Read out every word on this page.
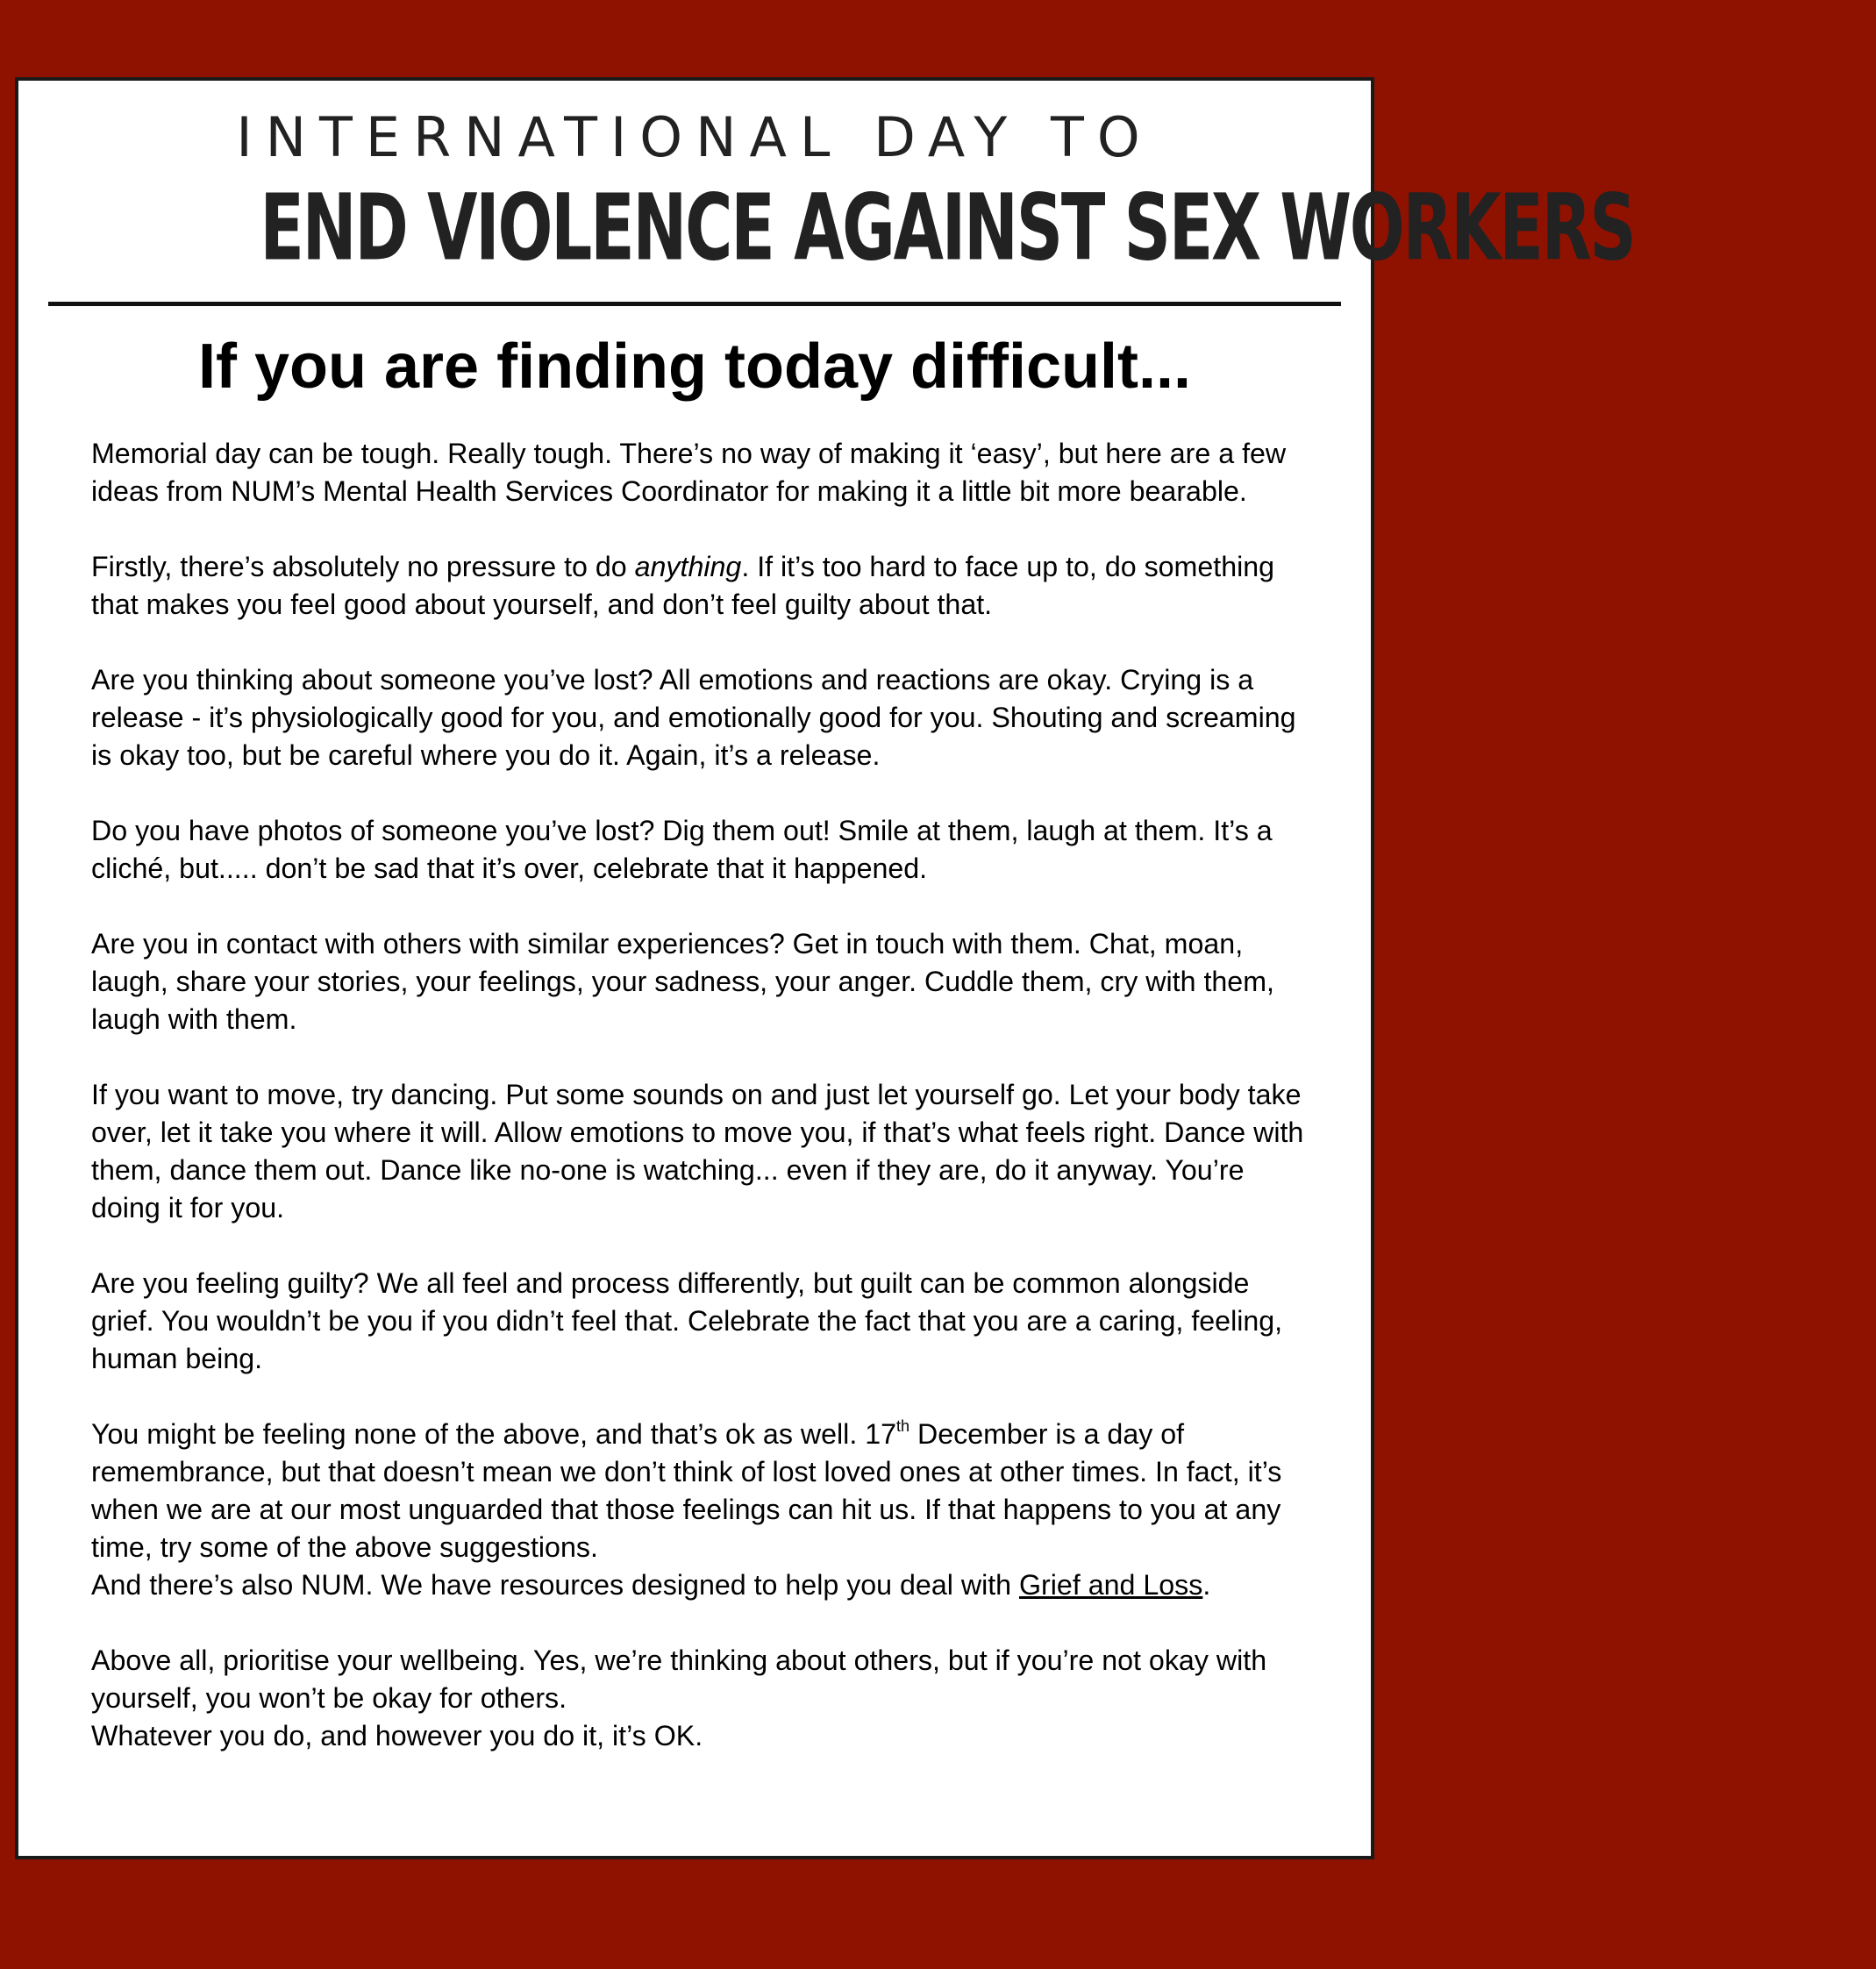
INTERNATIONAL DAY TO
END VIOLENCE AGAINST SEX WORKERS
If you are finding today difficult...

Memorial day can be tough. Really tough. There’s no way of making it ‘easy’, but here are a few ideas from NUM’s Mental Health Services Coordinator for making it a little bit more bearable.

Firstly, there’s absolutely no pressure to do anything. If it’s too hard to face up to, do something that makes you feel good about yourself, and don’t feel guilty about that.

Are you thinking about someone you’ve lost? All emotions and reactions are okay. Crying is a release - it’s physiologically good for you, and emotionally good for you. Shouting and screaming is okay too, but be careful where you do it. Again, it’s a release.

Do you have photos of someone you’ve lost? Dig them out! Smile at them, laugh at them. It’s a cliché, but..... don’t be sad that it’s over, celebrate that it happened.

Are you in contact with others with similar experiences? Get in touch with them. Chat, moan, laugh, share your stories, your feelings, your sadness, your anger. Cuddle them, cry with them, laugh with them.

If you want to move, try dancing. Put some sounds on and just let yourself go. Let your body take over, let it take you where it will. Allow emotions to move you, if that’s what feels right. Dance with them, dance them out. Dance like no-one is watching... even if they are, do it anyway. You’re doing it for you.

Are you feeling guilty? We all feel and process differently, but guilt can be common alongside grief. You wouldn’t be you if you didn’t feel that. Celebrate the fact that you are a caring, feeling, human being.

You might be feeling none of the above, and that’s ok as well. 17th December is a day of remembrance, but that doesn’t mean we don’t think of lost loved ones at other times. In fact, it’s when we are at our most unguarded that those feelings can hit us. If that happens to you at any time, try some of the above suggestions.

And there’s also NUM. We have resources designed to help you deal with Grief and Loss.

Above all, prioritise your wellbeing. Yes, we’re thinking about others, but if you’re not okay with yourself, you won’t be okay for others.

Whatever you do, and however you do it, it’s OK.
